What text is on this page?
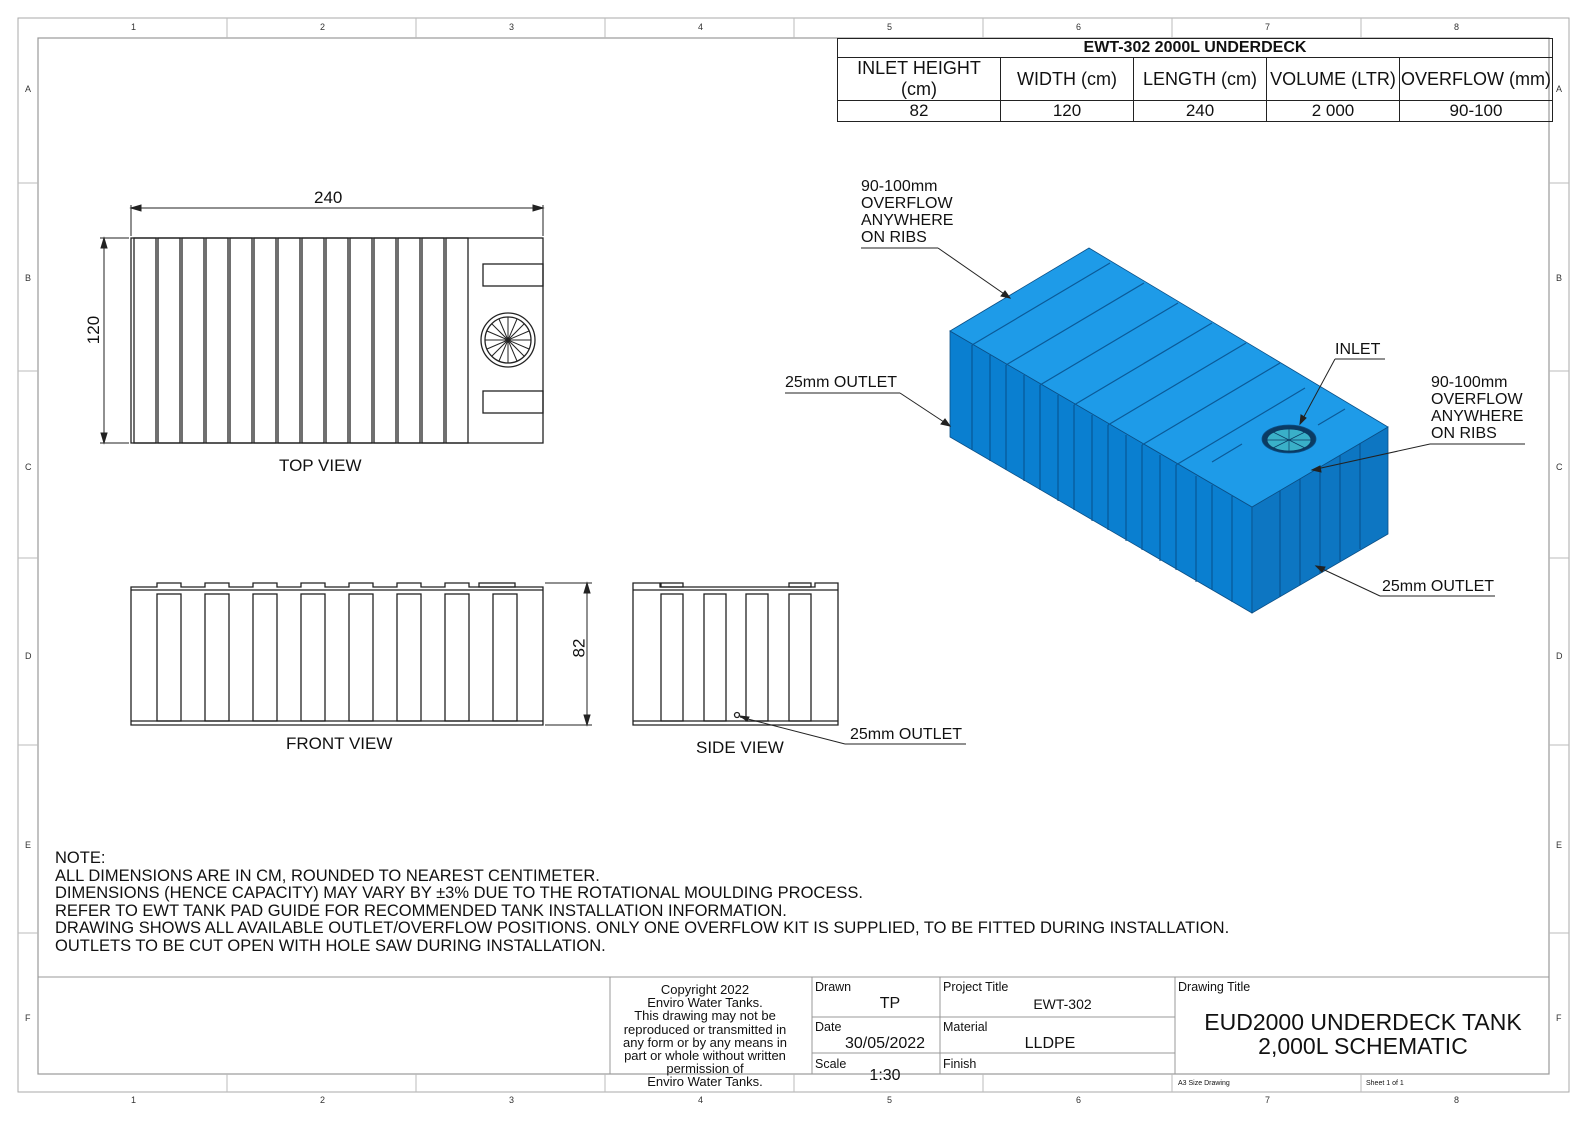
1	2	3	4	5	6	7	8
1	2	3	4	5	6	7	8
A
B
C
D
E
F
A
B
C
D
E
F
EWT-302 2000L UNDERDECK				
INLET HEIGHT (cm)	WIDTH (cm)	LENGTH (cm)	VOLUME (LTR)	OVERFLOW (mm)
82	120	240	2 000	90-100
240
120
82
TOP VIEW
FRONT VIEW	SIDE VIEW
90-100mm
OVERFLOW
ANYWHERE
ON RIBS
90-100mm
OVERFLOW
ANYWHERE
ON RIBS
INLET
25mm OUTLET
25mm OUTLET
25mm OUTLET
NOTE:
ALL DIMENSIONS ARE IN CM, ROUNDED TO NEAREST CENTIMETER.
DIMENSIONS (HENCE CAPACITY) MAY VARY BY ±3% DUE TO THE ROTATIONAL MOULDING PROCESS.
REFER TO EWT TANK PAD GUIDE FOR RECOMMENDED TANK INSTALLATION INFORMATION.
DRAWING SHOWS ALL AVAILABLE OUTLET/OVERFLOW POSITIONS. ONLY ONE OVERFLOW KIT IS SUPPLIED, TO BE FITTED DURING INSTALLATION.
OUTLETS TO BE CUT OPEN WITH HOLE SAW DURING INSTALLATION.
Copyright 2022
Enviro Water Tanks.
This drawing may not be
reproduced or transmitted in
any form or by any means in
part or whole without written
permission of
Enviro Water Tanks.
Drawn
TP
Date
30/05/2022
Scale
1:30
Project Title
EWT-302
Material
LLDPE
Finish
Drawing Title
EUD2000 UNDERDECK TANK
2,000L SCHEMATIC
A3 Size Drawing	Sheet 1 of 1
